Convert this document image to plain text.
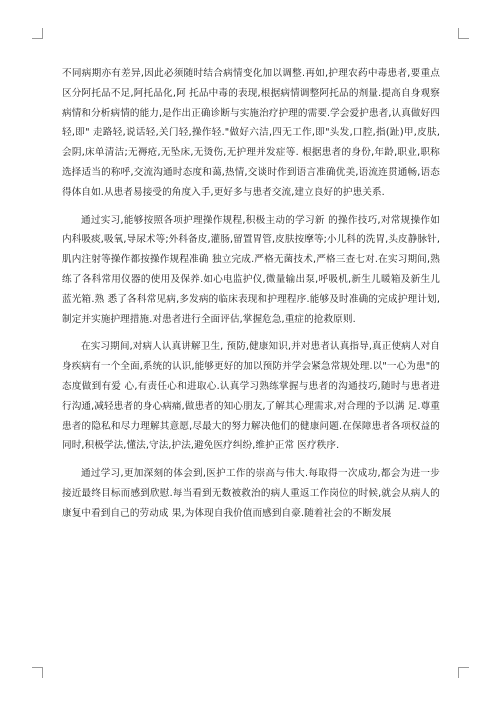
不同病期亦有差异,因此必须随时结合病情变化加以调整.再如,护理农药中毒患者,要重点区分阿托品不足,阿托品化,阿 托品中毒的表现,根据病情调整阿托品的剂量.提高自身观察病情和分析病情的能力,是作出正确诊断与实施治疗护理的需要.学会爱护患者,认真做好四轻,即" 走路轻,说话轻,关门轻,操作轻."做好六洁,四无工作,即"头发,口腔,指(趾)甲,皮肤,会阴,床单清洁;无褥疮,无坠床,无烫伤,无护理并发症等. 根据患者的身份,年龄,职业,职称选择适当的称呼,交流沟通时态度和蔼,热情,交谈时作到语言准确优美,语流连贯通畅,语态得体自如.从患者易接受的角度入手,更好多与患者交流,建立良好的护患关系.

通过实习,能够按照各项护理操作规程,积极主动的学习新 的操作技巧,对常规操作如内科吸痰,吸氧,导尿术等;外科备皮,灌肠,留置胃管,皮肤按摩等;小儿科的洗胃,头皮静脉针,肌内注射等操作都按操作规程准确 独立完成.严格无菌技术,严格三查七对.在实习期间,熟练了各科常用仪器的使用及保养.如心电监护仪,微量输出泵,呼吸机,新生儿暖箱及新生儿蓝光箱.熟 悉了各科常见病,多发病的临床表现和护理程序.能够及时准确的完成护理计划,制定并实施护理措施.对患者进行全面评估,掌握危急,重症的抢救原则.

在实习期间,对病人认真讲解卫生, 预防,健康知识,并对患者认真指导,真正使病人对自身疾病有一个全面,系统的认识,能够更好的加以预防并学会紧急常规处理.以"一心为患"的态度做到有爱 心,有责任心和进取心.认真学习熟练掌握与患者的沟通技巧,随时与患者进行沟通,减轻患者的身心病痛,做患者的知心朋友,了解其心理需求,对合理的予以满 足.尊重患者的隐私和尽力理解其意愿,尽最大的努力解决他们的健康问题.在保障患者各项权益的同时,积极学法,懂法,守法,护法,避免医疗纠纷,维护正常 医疗秩序.

通过学习,更加深刻的体会到,医护工作的崇高与伟大.每取得一次成功,都会为进一步接近最终目标而感到欣慰.每当看到无数被救治的病人重返工作岗位的时候,就会从病人的康复中看到自己的劳动成 果,为体现自我价值而感到自豪.随着社会的不断发展
